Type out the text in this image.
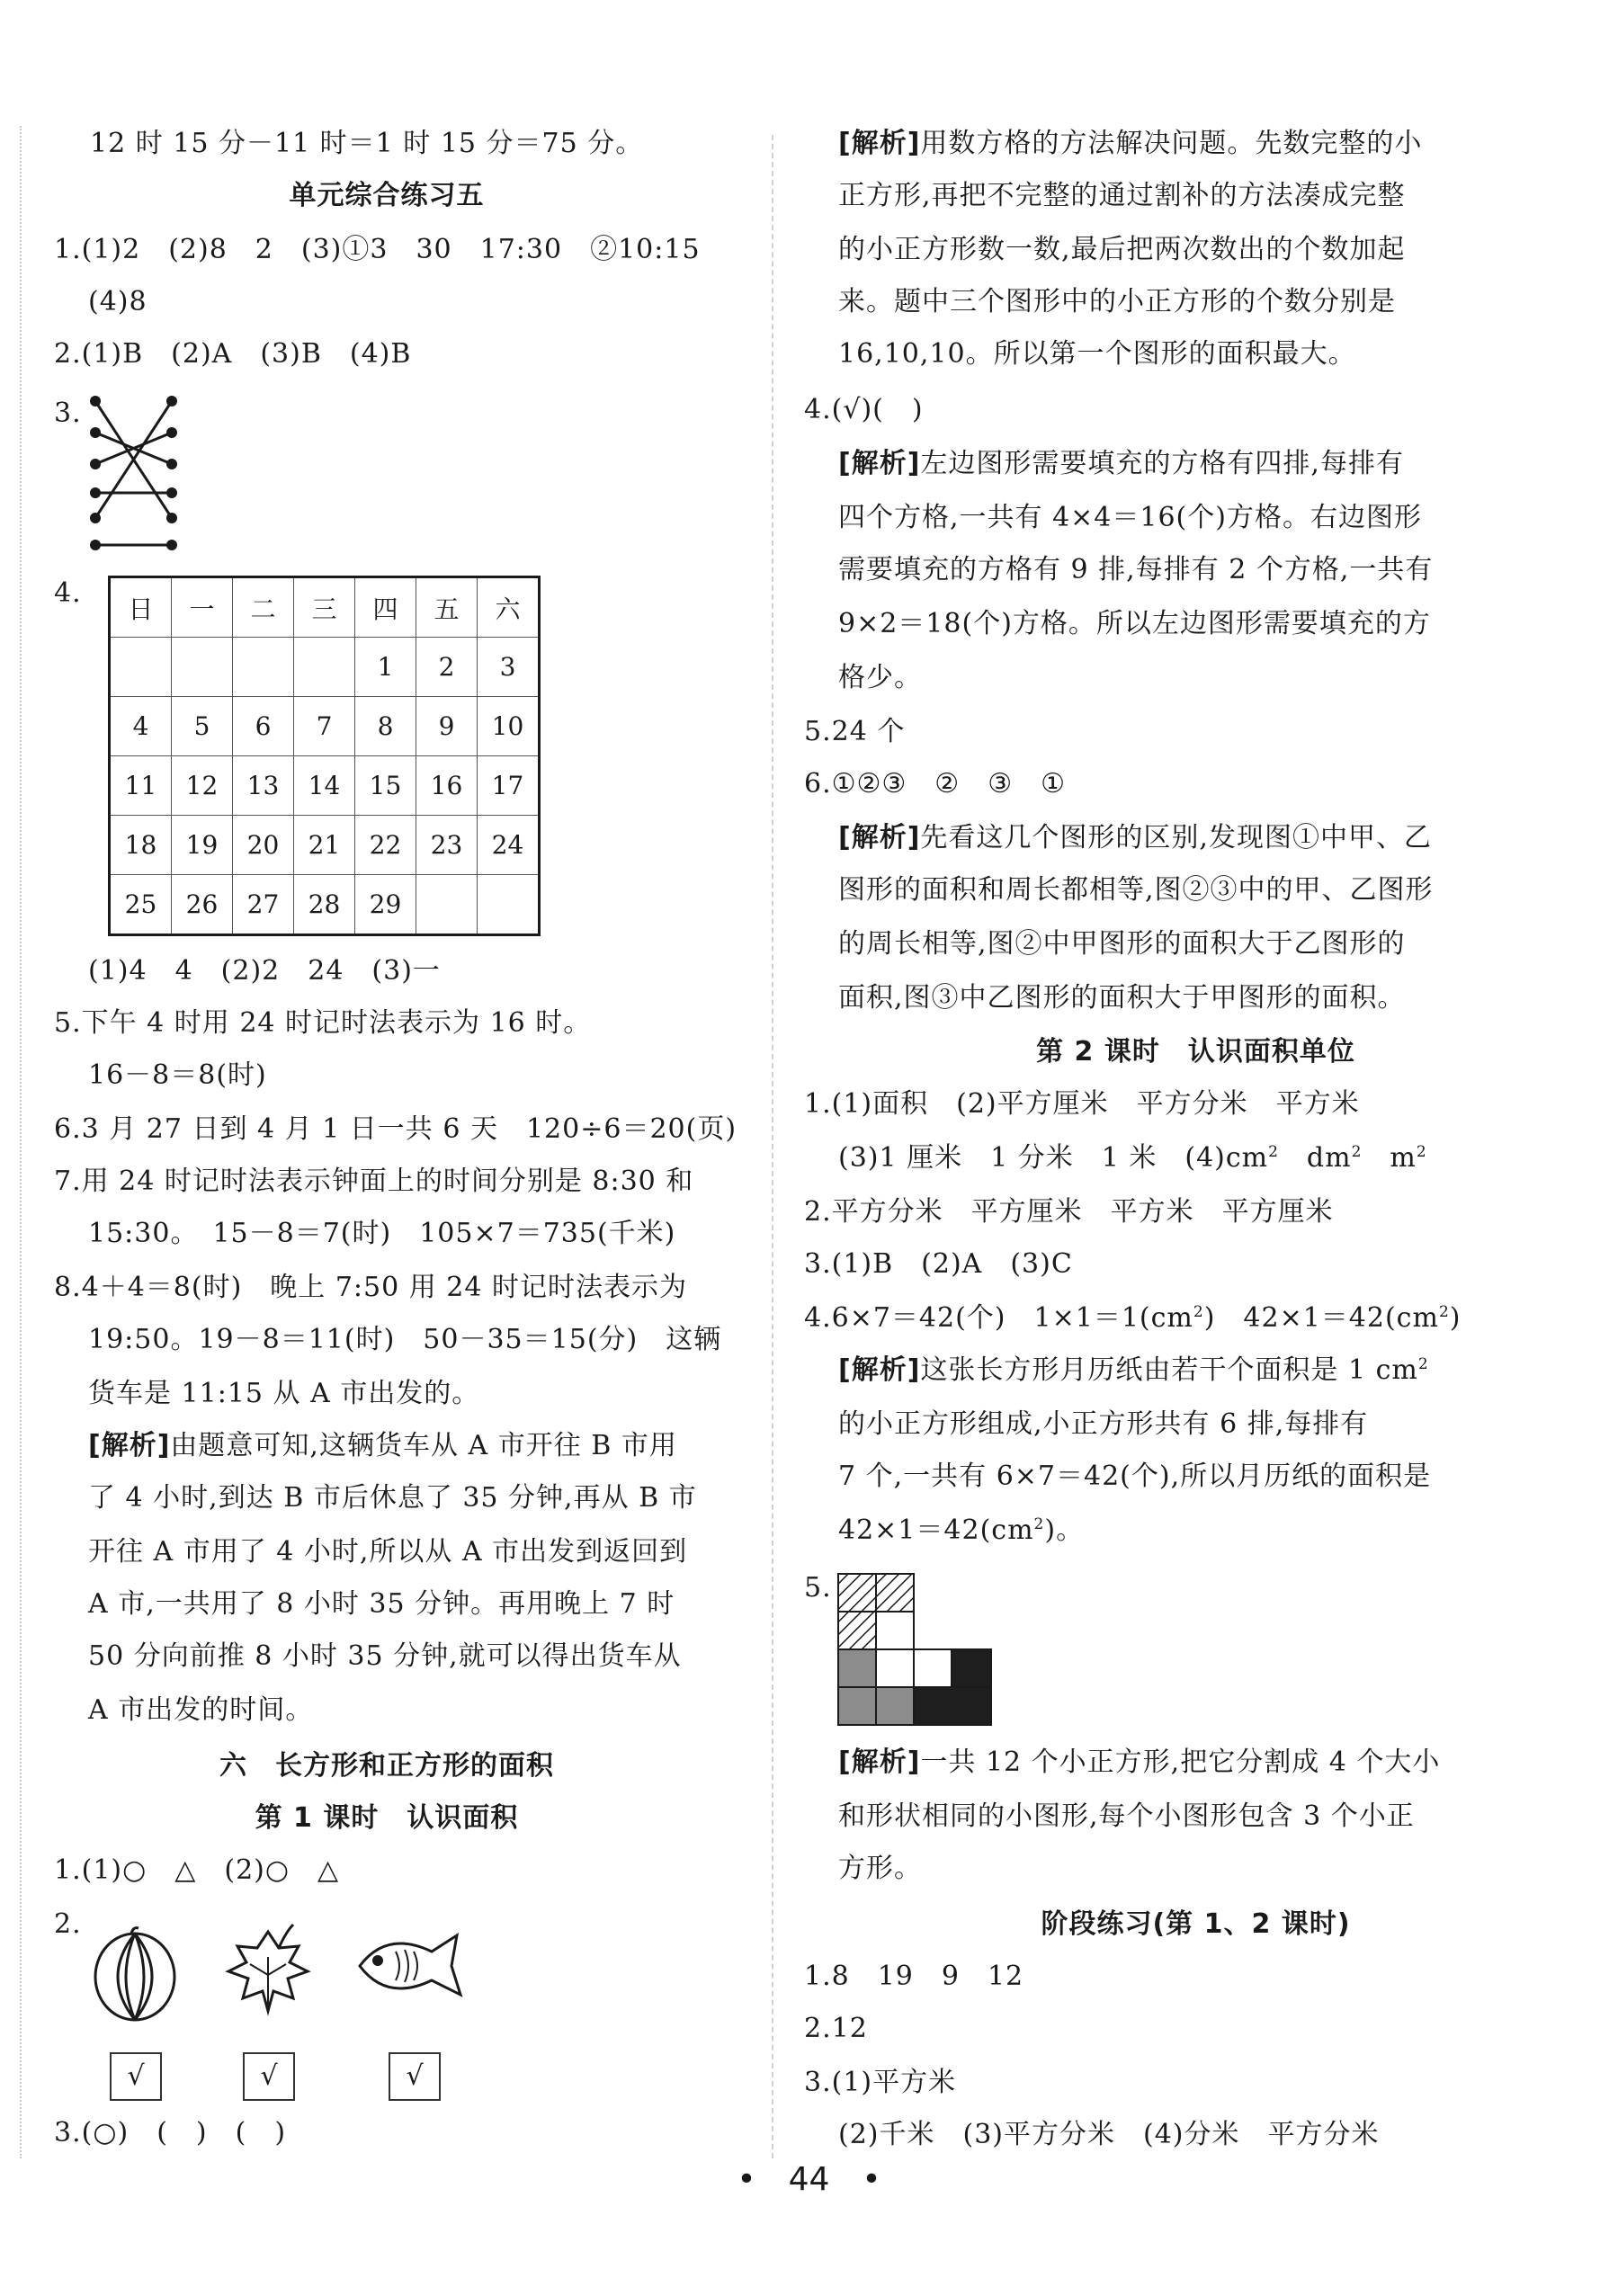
12 时 15 分－11 时＝1 时 15 分＝75 分。
单元综合练习五
1.(1)2　(2)8　2　(3)①3　30　17:30　②10:15
(4)8
2.(1)B　(2)A　(3)B　(4)B
3.
4. 日	一	二	三	四	五	六
				1	2	3
4	5	6	7	8	9	10
11	12	13	14	15	16	17
18	19	20	21	22	23	24
25	26	27	28	29		
(1)4　4　(2)2　24　(3)一
5.下午 4 时用 24 时记时法表示为 16 时。
16－8＝8(时)
6.3 月 27 日到 4 月 1 日一共 6 天　120÷6＝20(页)
7.用 24 时记时法表示钟面上的时间分别是 8:30 和
15:30。　15－8＝7(时)　105×7＝735(千米)
8.4＋4＝8(时)　晚上 7:50 用 24 时记时法表示为
19:50。19－8＝11(时)　50－35＝15(分)　这辆
货车是 11:15 从 A 市出发的。
[解析]由题意可知,这辆货车从 A 市开往 B 市用
了 4 小时,到达 B 市后休息了 35 分钟,再从 B 市
开往 A 市用了 4 小时,所以从 A 市出发到返回到
A 市,一共用了 8 小时 35 分钟。再用晚上 7 时
50 分向前推 8 小时 35 分钟,就可以得出货车从
A 市出发的时间。
六　长方形和正方形的面积
第 1 课时　认识面积
1.(1)○　△　(2)○　△
2.
√	√	√
3.(○)　(　)　(　)
[解析]用数方格的方法解决问题。先数完整的小
正方形,再把不完整的通过割补的方法凑成完整
的小正方形数一数,最后把两次数出的个数加起
来。题中三个图形中的小正方形的个数分别是
16,10,10。所以第一个图形的面积最大。
4.(√)(　)
[解析]左边图形需要填充的方格有四排,每排有
四个方格,一共有 4×4＝16(个)方格。右边图形
需要填充的方格有 9 排,每排有 2 个方格,一共有
9×2＝18(个)方格。所以左边图形需要填充的方
格少。
5.24 个
6.①②③　②　③　①
[解析]先看这几个图形的区别,发现图①中甲、乙
图形的面积和周长都相等,图②③中的甲、乙图形
的周长相等,图②中甲图形的面积大于乙图形的
面积,图③中乙图形的面积大于甲图形的面积。
第 2 课时　认识面积单位
1.(1)面积　(2)平方厘米　平方分米　平方米
(3)1 厘米　1 分米　1 米　$(4)cm^2$　$dm^2$　$m^2$
2.平方分米　平方厘米　平方米　平方厘米
3.(1)B　(2)A　(3)C
4.6×7＝42(个)　$1\times 1=1(cm^2)$　$42\times 1=42(cm^2)$
[解析]这张长方形月历纸由若干个面积是 1 $cm^2$
的小正方形组成,小正方形共有 6 排,每排有
7 个,一共有 6×7＝42(个),所以月历纸的面积是
$42\times 1=42(cm^2)$。
5.
[解析]一共 12 个小正方形,把它分割成 4 个大小
和形状相同的小图形,每个小图形包含 3 个小正
方形。
阶段练习(第 1、2 课时)
1.8　19　9　12
2.12
3.(1)平方米
(2)千米　(3)平方分米　(4)分米　平方分米
•　44　•
